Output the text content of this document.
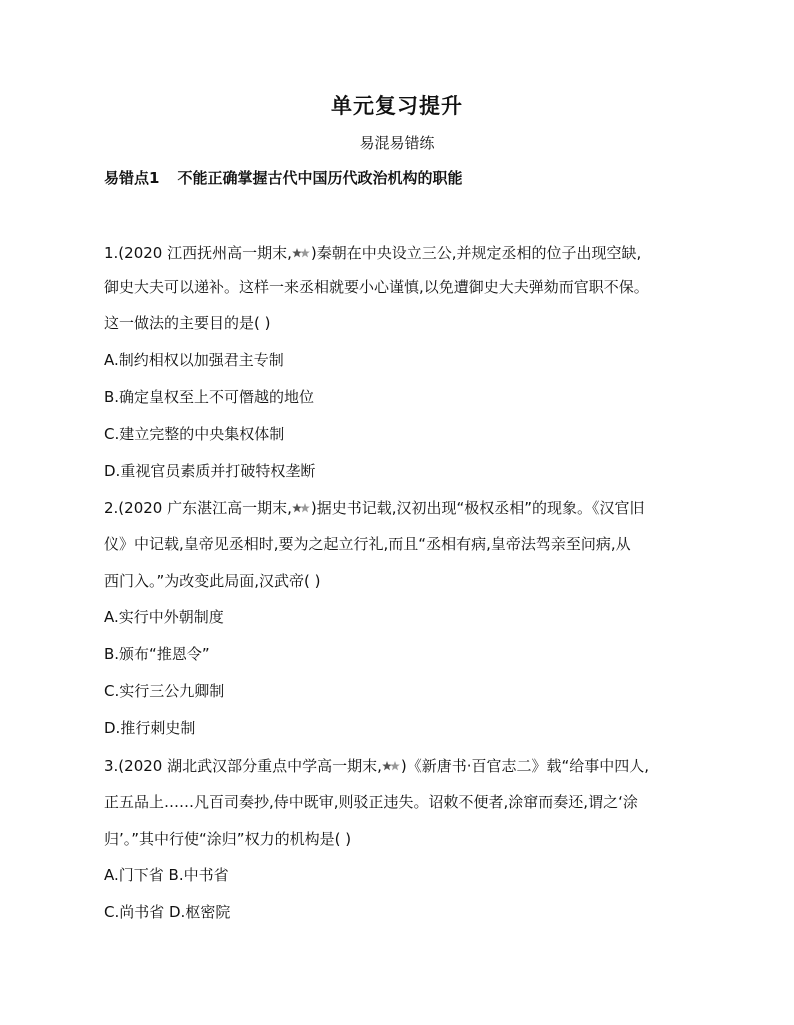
单元复习提升
易混易错练
易错点1 不能正确掌握古代中国历代政治机构的职能
1.(2020 江西抚州高一期末, )秦朝在中央设立三公,并规定丞相的位子出现空缺,
御史大夫可以递补。这样一来丞相就要小心谨慎,以免遭御史大夫弹劾而官职不保。
这一做法的主要目的是( )
A.制约相权以加强君主专制
B.确定皇权至上不可僭越的地位
C.建立完整的中央集权体制
D.重视官员素质并打破特权垄断
2.(2020 广东湛江高一期末, )据史书记载,汉初出现“极权丞相”的现象。《汉官旧
仪》中记载,皇帝见丞相时,要为之起立行礼,而且“丞相有病,皇帝法驾亲至问病,从
西门入。”为改变此局面,汉武帝( )
A.实行中外朝制度
B.颁布“推恩令”
C.实行三公九卿制
D.推行刺史制
3.(2020 湖北武汉部分重点中学高一期末, )《新唐书·百官志二》载“给事中四人,
正五品上……凡百司奏抄,侍中既审,则驳正违失。诏敕不便者,涂窜而奏还,谓之‘涂
归’。”其中行使“涂归”权力的机构是( )
A.门下省 B.中书省
C.尚书省 D.枢密院
